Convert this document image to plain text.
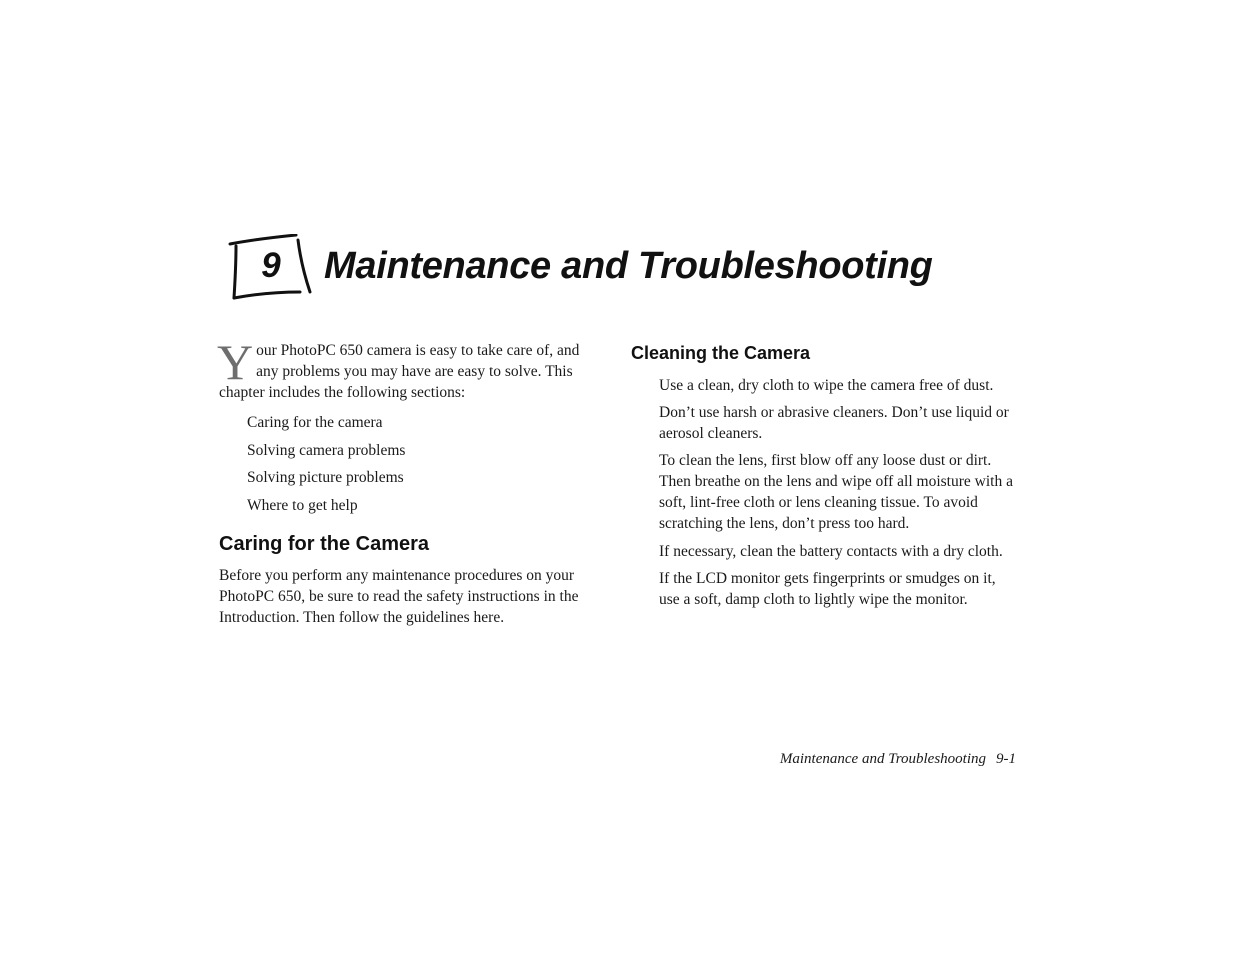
9 Maintenance and Troubleshooting
Y our PhotoPC 650 camera is easy to take care of, and any problems you may have are easy to solve. This chapter includes the following sections:

Caring for the camera
Solving camera problems
Solving picture problems
Where to get help
Caring for the Camera

Before you perform any maintenance procedures on your PhotoPC 650, be sure to read the safety instructions in the Introduction. Then follow the guidelines here.

Cleaning the Camera

Use a clean, dry cloth to wipe the camera free of dust.

Don’t use harsh or abrasive cleaners. Don’t use liquid or aerosol cleaners.

To clean the lens, first blow off any loose dust or dirt. Then breathe on the lens and wipe off all moisture with a soft, lint-free cloth or lens cleaning tissue. To avoid scratching the lens, don’t press too hard.

If necessary, clean the battery contacts with a dry cloth.

If the LCD monitor gets fingerprints or smudges on it, use a soft, damp cloth to lightly wipe the monitor.

Maintenance and Troubleshooting 9-1
